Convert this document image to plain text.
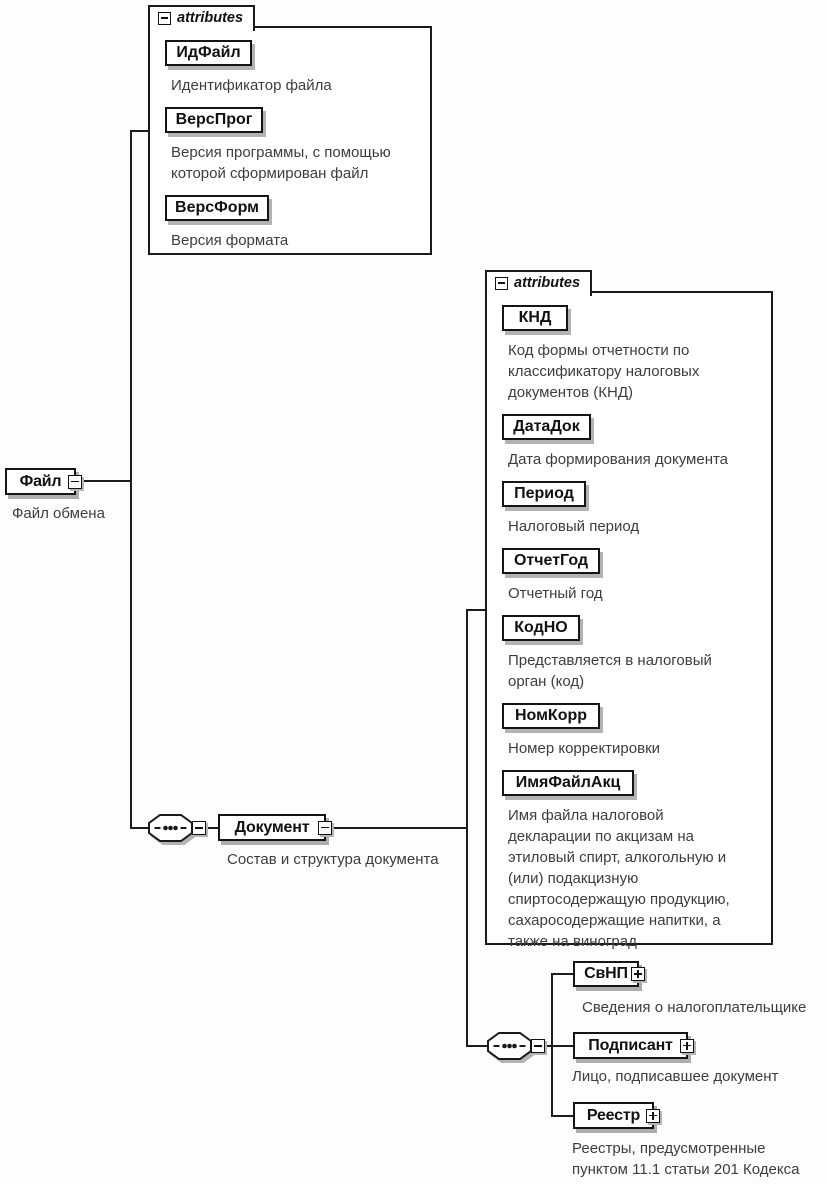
Файл
Файл обмена
attributes
ИдФайл
Идентификатор файла
ВерсПрог
Версия программы, с помощью которой сформирован файл
ВерсФорм
Версия формата
Документ
Состав и структура документа
attributes
КНД
Код формы отчетности по классификатору налоговых документов (КНД)
ДатаДок
Дата формирования документа
Период
Налоговый период
ОтчетГод
Отчетный год
КодНО
Представляется в налоговый орган (код)
НомКорр
Номер корректировки
ИмяФайлАкц
Имя файла налоговой декларации по акцизам на этиловый спирт, алкогольную и (или) подакцизную спиртосодержащую продукцию, сахаросодержащие напитки, а также на виноград
СвНП
Сведения о налогоплательщике
Подписант
Лицо, подписавшее документ
Реестр
Реестры, предусмотренные
пунктом 11.1 статьи 201 Кодекса
